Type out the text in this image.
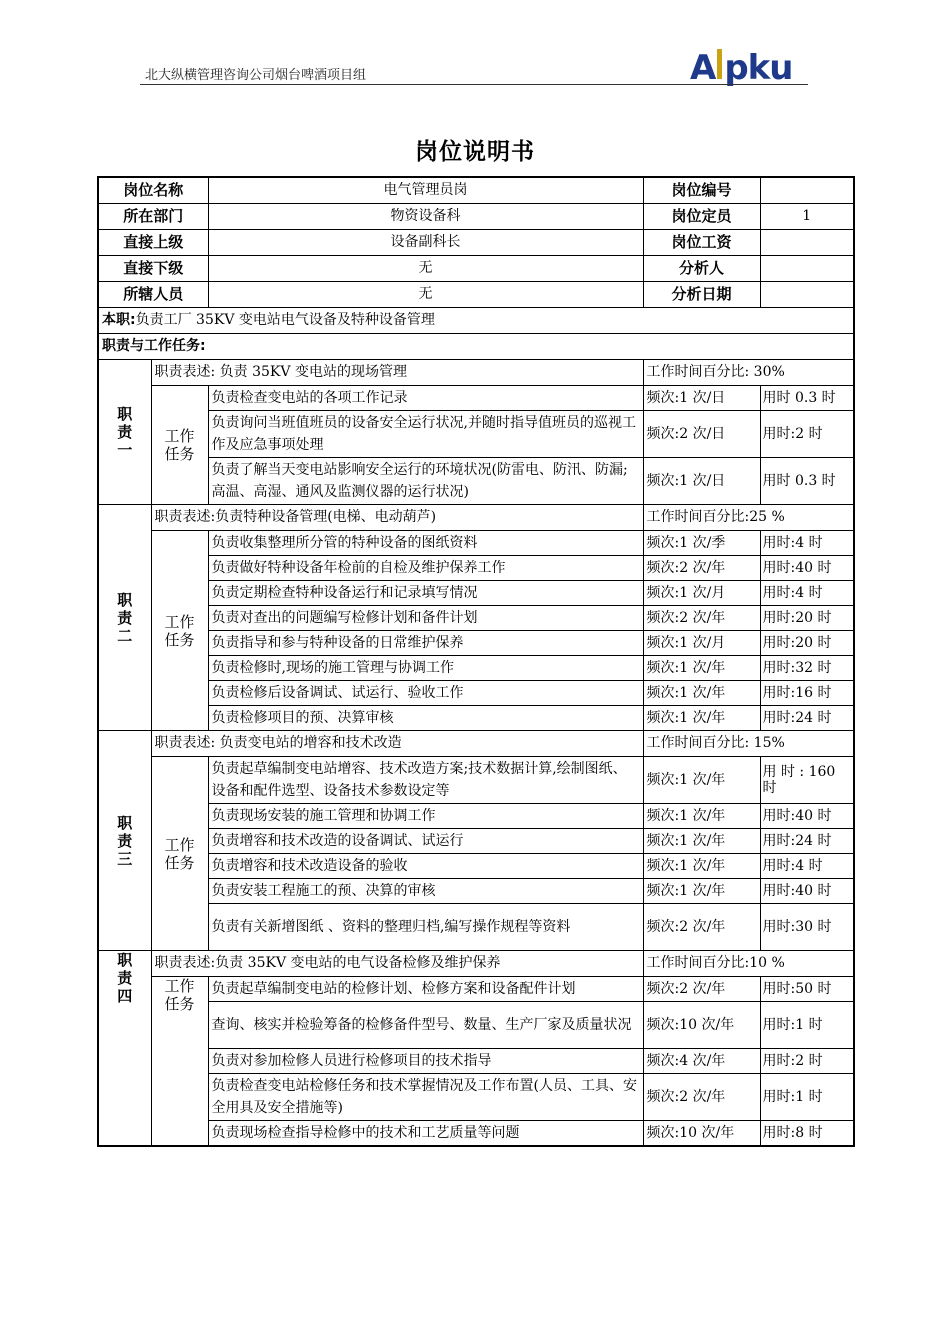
北大纵横管理咨询公司烟台啤酒项目组	A pku
岗位说明书
岗位名称		电气管理员岗	岗位编号	
所在部门		物资设备科	岗位定员	1
直接上级		设备副科长	岗位工资	
直接下级		无	分析人	
所辖人员		无	分析日期	
本职:负责工厂 35KV 变电站电气设备及特种设备管理				
职责与工作任务:				

职
责
一	职责表述: 负责 35KV 变电站的现场管理		工作时间百分比: 30%	

	工作
任务	负责检查变电站的各项工作记录	频次:1 次/日	用时 0.3 时
		负责询问当班值班员的设备安全运行状况,并随时指导值班员的巡视工作及应急事项处理	频次:2 次/日	用时:2 时
		负责了解当天变电站影响安全运行的环境状况(防雷电、防汛、防漏;高温、高湿、通风及监测仪器的运行状况)	频次:1 次/日	用时 0.3 时

职
责
二	职责表述:负责特种设备管理(电梯、电动葫芦)		工作时间百分比:25 %	

	工作
任务	负责收集整理所分管的特种设备的图纸资料	频次:1 次/季	用时:4 时
		负责做好特种设备年检前的自检及维护保养工作	频次:2 次/年	用时:40 时
		负责定期检查特种设备运行和记录填写情况	频次:1 次/月	用时:4 时
		负责对查出的问题编写检修计划和备件计划	频次:2 次/年	用时:20 时
		负责指导和参与特种设备的日常维护保养	频次:1 次/月	用时:20 时
		负责检修时,现场的施工管理与协调工作	频次:1 次/年	用时:32 时
		负责检修后设备调试、试运行、验收工作	频次:1 次/年	用时:16 时
		负责检修项目的预、决算审核	频次:1 次/年	用时:24 时

职
责
三	职责表述: 负责变电站的增容和技术改造		工作时间百分比: 15%	

	工作
任务	负责起草编制变电站增容、技术改造方案;技术数据计算,绘制图纸、设备和配件选型、设备技术参数设定等	频次:1 次/年	用 时 : 160 时
		负责现场安装的施工管理和协调工作	频次:1 次/年	用时:40 时
		负责增容和技术改造的设备调试、试运行	频次:1 次/年	用时:24 时
		负责增容和技术改造设备的验收	频次:1 次/年	用时:4 时
		负责安装工程施工的预、决算的审核	频次:1 次/年	用时:40 时
		负责有关新增图纸 、资料的整理归档,编写操作规程等资料	频次:2 次/年	用时:30 时

职
责
四	职责表述:负责 35KV 变电站的电气设备检修及维护保养		工作时间百分比:10 %	

	工作
任务	负责起草编制变电站的检修计划、检修方案和设备配件计划	频次:2 次/年	用时:50 时
		查询、核实并检验筹备的检修备件型号、数量、生产厂家及质量状况	频次:10 次/年	用时:1 时
		负责对参加检修人员进行检修项目的技术指导	频次:4 次/年	用时:2 时
		负责检查变电站检修任务和技术掌握情况及工作布置(人员、工具、安全用具及安全措施等)	频次:2 次/年	用时:1 时
		负责现场检查指导检修中的技术和工艺质量等问题	频次:10 次/年	用时:8 时
